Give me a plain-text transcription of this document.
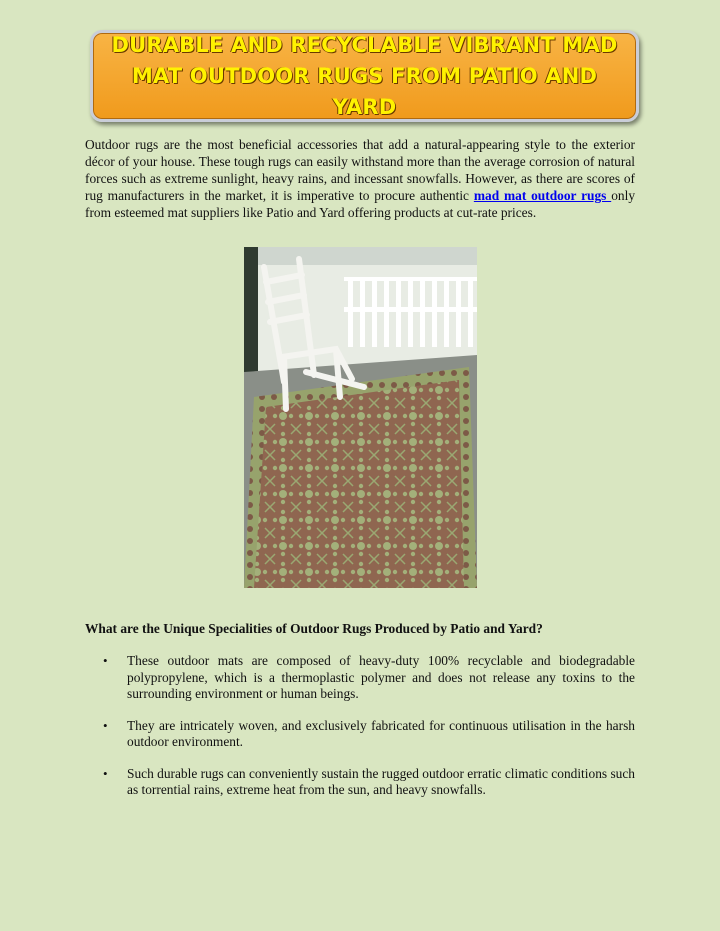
DURABLE AND RECYCLABLE VIBRANT MAD MAT OUTDOOR RUGS FROM PATIO AND YARD

Outdoor rugs are the most beneficial accessories that add a natural-appearing style to the exterior décor of your house. These tough rugs can easily withstand more than the average corrosion of natural forces such as extreme sunlight, heavy rains, and incessant snowfalls. However, as there are scores of rug manufacturers in the market, it is imperative to procure authentic mad mat outdoor rugs only from esteemed mat suppliers like Patio and Yard offering products at cut-rate prices.

What are the Unique Specialities of Outdoor Rugs Produced by Patio and Yard?

• These outdoor mats are composed of heavy-duty 100% recyclable and biodegradable polypropylene, which is a thermoplastic polymer and does not release any toxins to the surrounding environment or human beings.
• They are intricately woven, and exclusively fabricated for continuous utilisation in the harsh outdoor environment.
• Such durable rugs can conveniently sustain the rugged outdoor erratic climatic conditions such as torrential rains, extreme heat from the sun, and heavy snowfalls.
